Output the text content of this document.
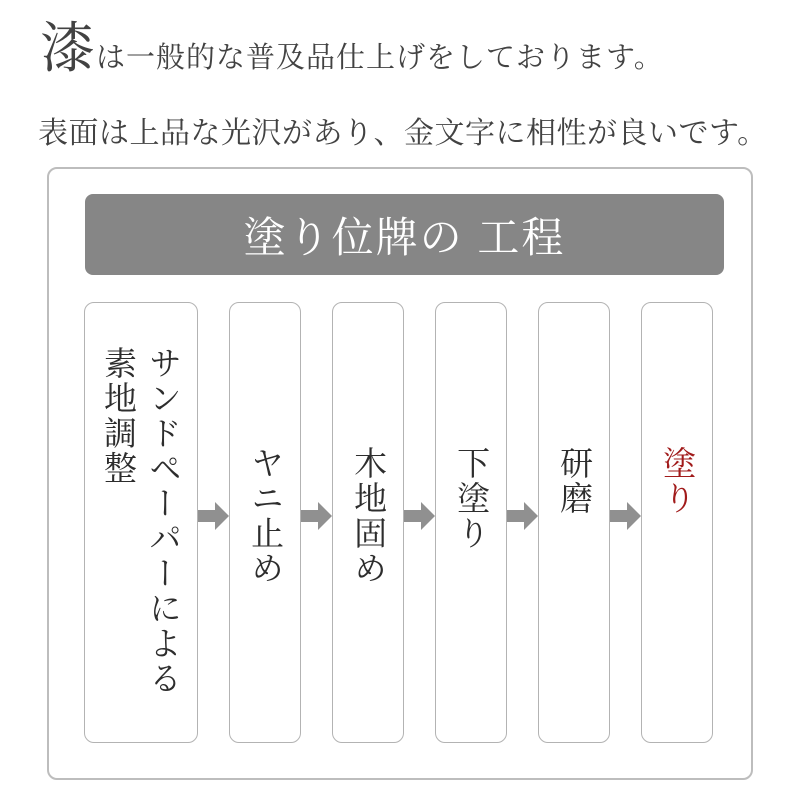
漆は一般的な普及品仕上げをしております。

表面は上品な光沢があり、金文字に相性が良いです。

塗り位牌の 工程
サンドペーパーによる
素地調整
ヤニ止め 木地固め 下塗り 研磨 塗り
